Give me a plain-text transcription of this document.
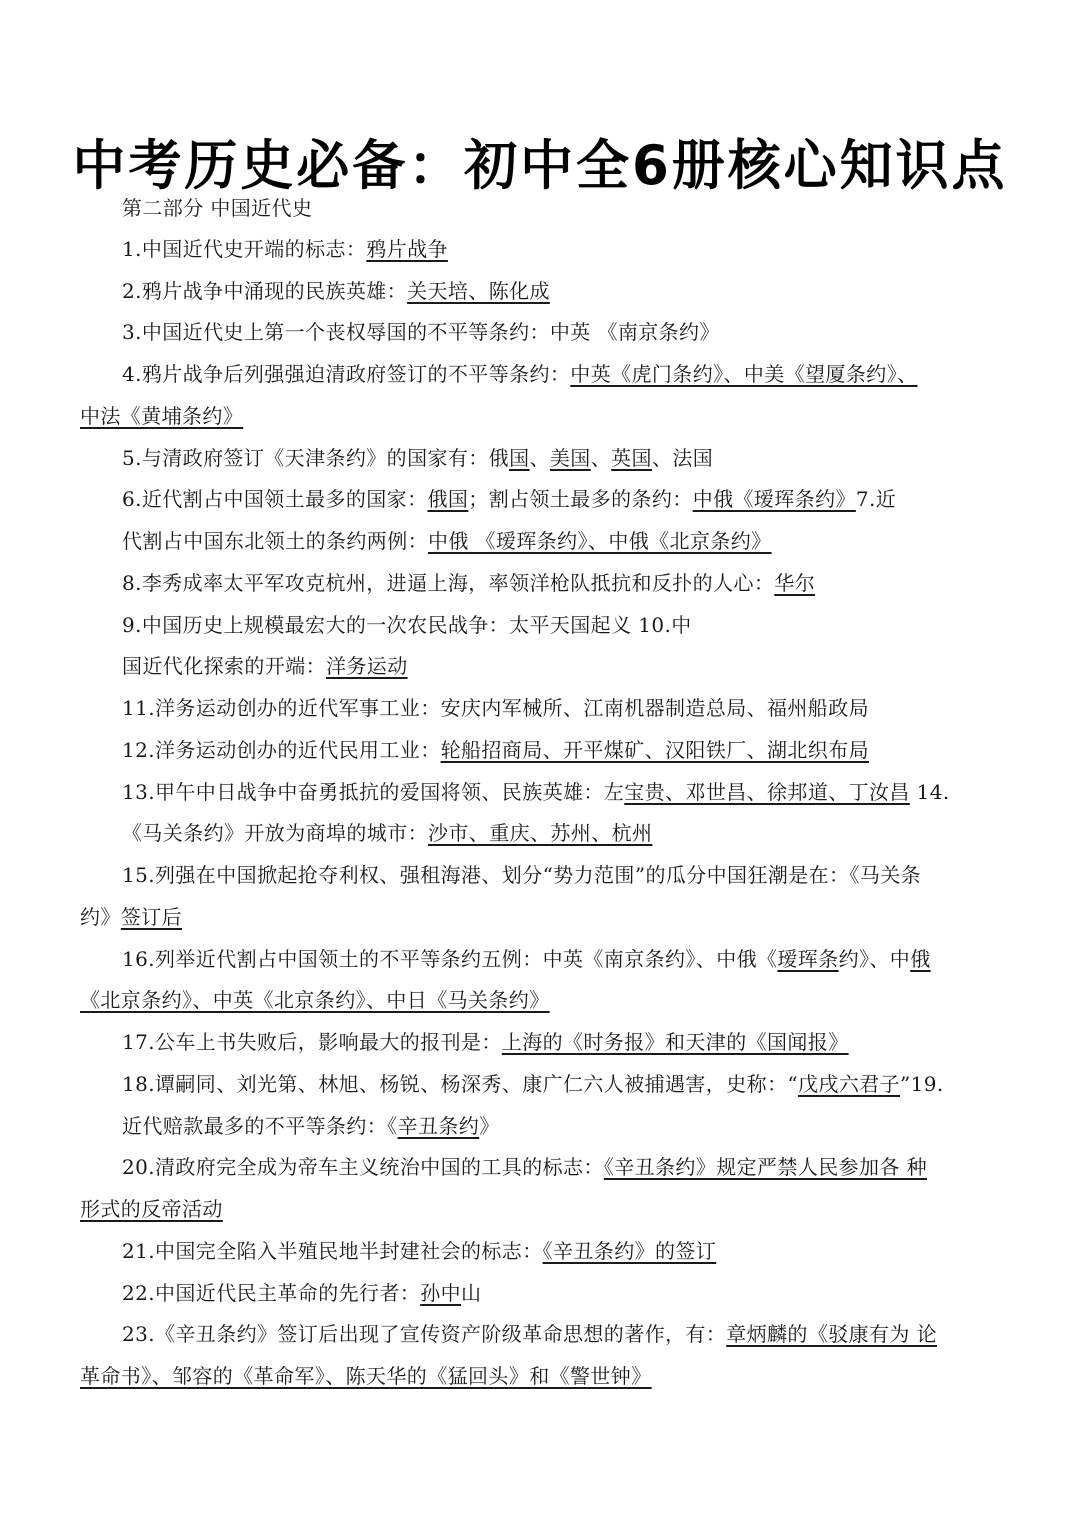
中考历史必备：初中全6册核心知识点

第二部分 中国近代史

1.中国近代史开端的标志：鸦片战争

2.鸦片战争中涌现的民族英雄：关天培、陈化成

3.中国近代史上第一个丧权辱国的不平等条约：中英 《南京条约》

4.鸦片战争后列强强迫清政府签订的不平等条约：中英《虎门条约》、中美《望厦条约》、

中法《黄埔条约》

5.与清政府签订《天津条约》的国家有：俄国、美国、英国、法国

6.近代割占中国领土最多的国家：俄国；割占领土最多的条约：中俄《瑷珲条约》7.近

代割占中国东北领土的条约两例：中俄 《瑷珲条约》、中俄《北京条约》

8.李秀成率太平军攻克杭州，进逼上海，率领洋枪队抵抗和反扑的人心：华尔

9.中国历史上规模最宏大的一次农民战争：太平天国起义 10.中

国近代化探索的开端：洋务运动

11.洋务运动创办的近代军事工业：安庆内军械所、江南机器制造总局、福州船政局

12.洋务运动创办的近代民用工业：轮船招商局、开平煤矿、汉阳铁厂、湖北织布局

13.甲午中日战争中奋勇抵抗的爱国将领、民族英雄：左宝贵、邓世昌、徐邦道、丁汝昌 14.

《马关条约》开放为商埠的城市：沙市、重庆、苏州、杭州

15.列强在中国掀起抢夺利权、强租海港、划分“势力范围”的瓜分中国狂潮是在：《马关条

约》签订后

16.列举近代割占中国领土的不平等条约五例：中英《南京条约》、中俄《瑷珲条约》、中俄

《北京条约》、中英《北京条约》、中日《马关条约》

17.公车上书失败后，影响最大的报刊是：上海的《时务报》和天津的《国闻报》

18.谭嗣同、刘光第、林旭、杨锐、杨深秀、康广仁六人被捕遇害，史称：“戊戌六君子”19.

近代赔款最多的不平等条约：《辛丑条约》

20.清政府完全成为帝车主义统治中国的工具的标志：《辛丑条约》规定严禁人民参加各 种

形式的反帝活动

21.中国完全陷入半殖民地半封建社会的标志：《辛丑条约》的签订

22.中国近代民主革命的先行者：孙中山

23.《辛丑条约》签订后出现了宣传资产阶级革命思想的著作，有：章炳麟的《驳康有为 论

革命书》、邹容的《革命军》、陈天华的《猛回头》和《警世钟》
